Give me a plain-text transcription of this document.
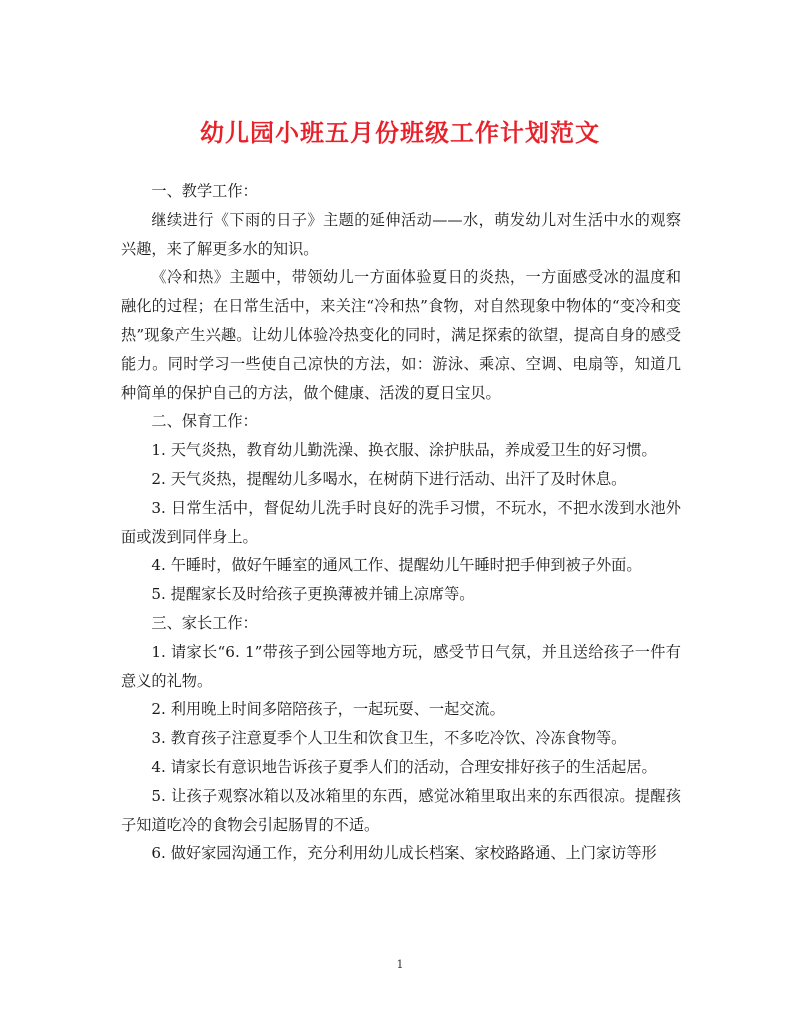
幼儿园小班五月份班级工作计划范文

一、教学工作：

继续进行《下雨的日子》主题的延伸活动——水，萌发幼儿对生活中水的观察兴趣，来了解更多水的知识。

《冷和热》主题中，带领幼儿一方面体验夏日的炎热，一方面感受冰的温度和融化的过程；在日常生活中，来关注“冷和热”食物，对自然现象中物体的“变冷和变热”现象产生兴趣。让幼儿体验冷热变化的同时，满足探索的欲望，提高自身的感受能力。同时学习一些使自己凉快的方法，如：游泳、乘凉、空调、电扇等，知道几种简单的保护自己的方法，做个健康、活泼的夏日宝贝。

二、保育工作：

1. 天气炎热，教育幼儿勤洗澡、换衣服、涂护肤品，养成爱卫生的好习惯。

2. 天气炎热，提醒幼儿多喝水，在树荫下进行活动、出汗了及时休息。

3. 日常生活中，督促幼儿洗手时良好的洗手习惯，不玩水，不把水泼到水池外面或泼到同伴身上。

4. 午睡时，做好午睡室的通风工作、提醒幼儿午睡时把手伸到被子外面。

5. 提醒家长及时给孩子更换薄被并铺上凉席等。

三、家长工作：

1. 请家长“6. 1”带孩子到公园等地方玩，感受节日气氛，并且送给孩子一件有意义的礼物。

2. 利用晚上时间多陪陪孩子，一起玩耍、一起交流。

3. 教育孩子注意夏季个人卫生和饮食卫生，不多吃冷饮、冷冻食物等。

4. 请家长有意识地告诉孩子夏季人们的活动，合理安排好孩子的生活起居。

5. 让孩子观察冰箱以及冰箱里的东西，感觉冰箱里取出来的东西很凉。提醒孩子知道吃冷的食物会引起肠胃的不适。

6. 做好家园沟通工作，充分利用幼儿成长档案、家校路路通、上门家访等形

1
